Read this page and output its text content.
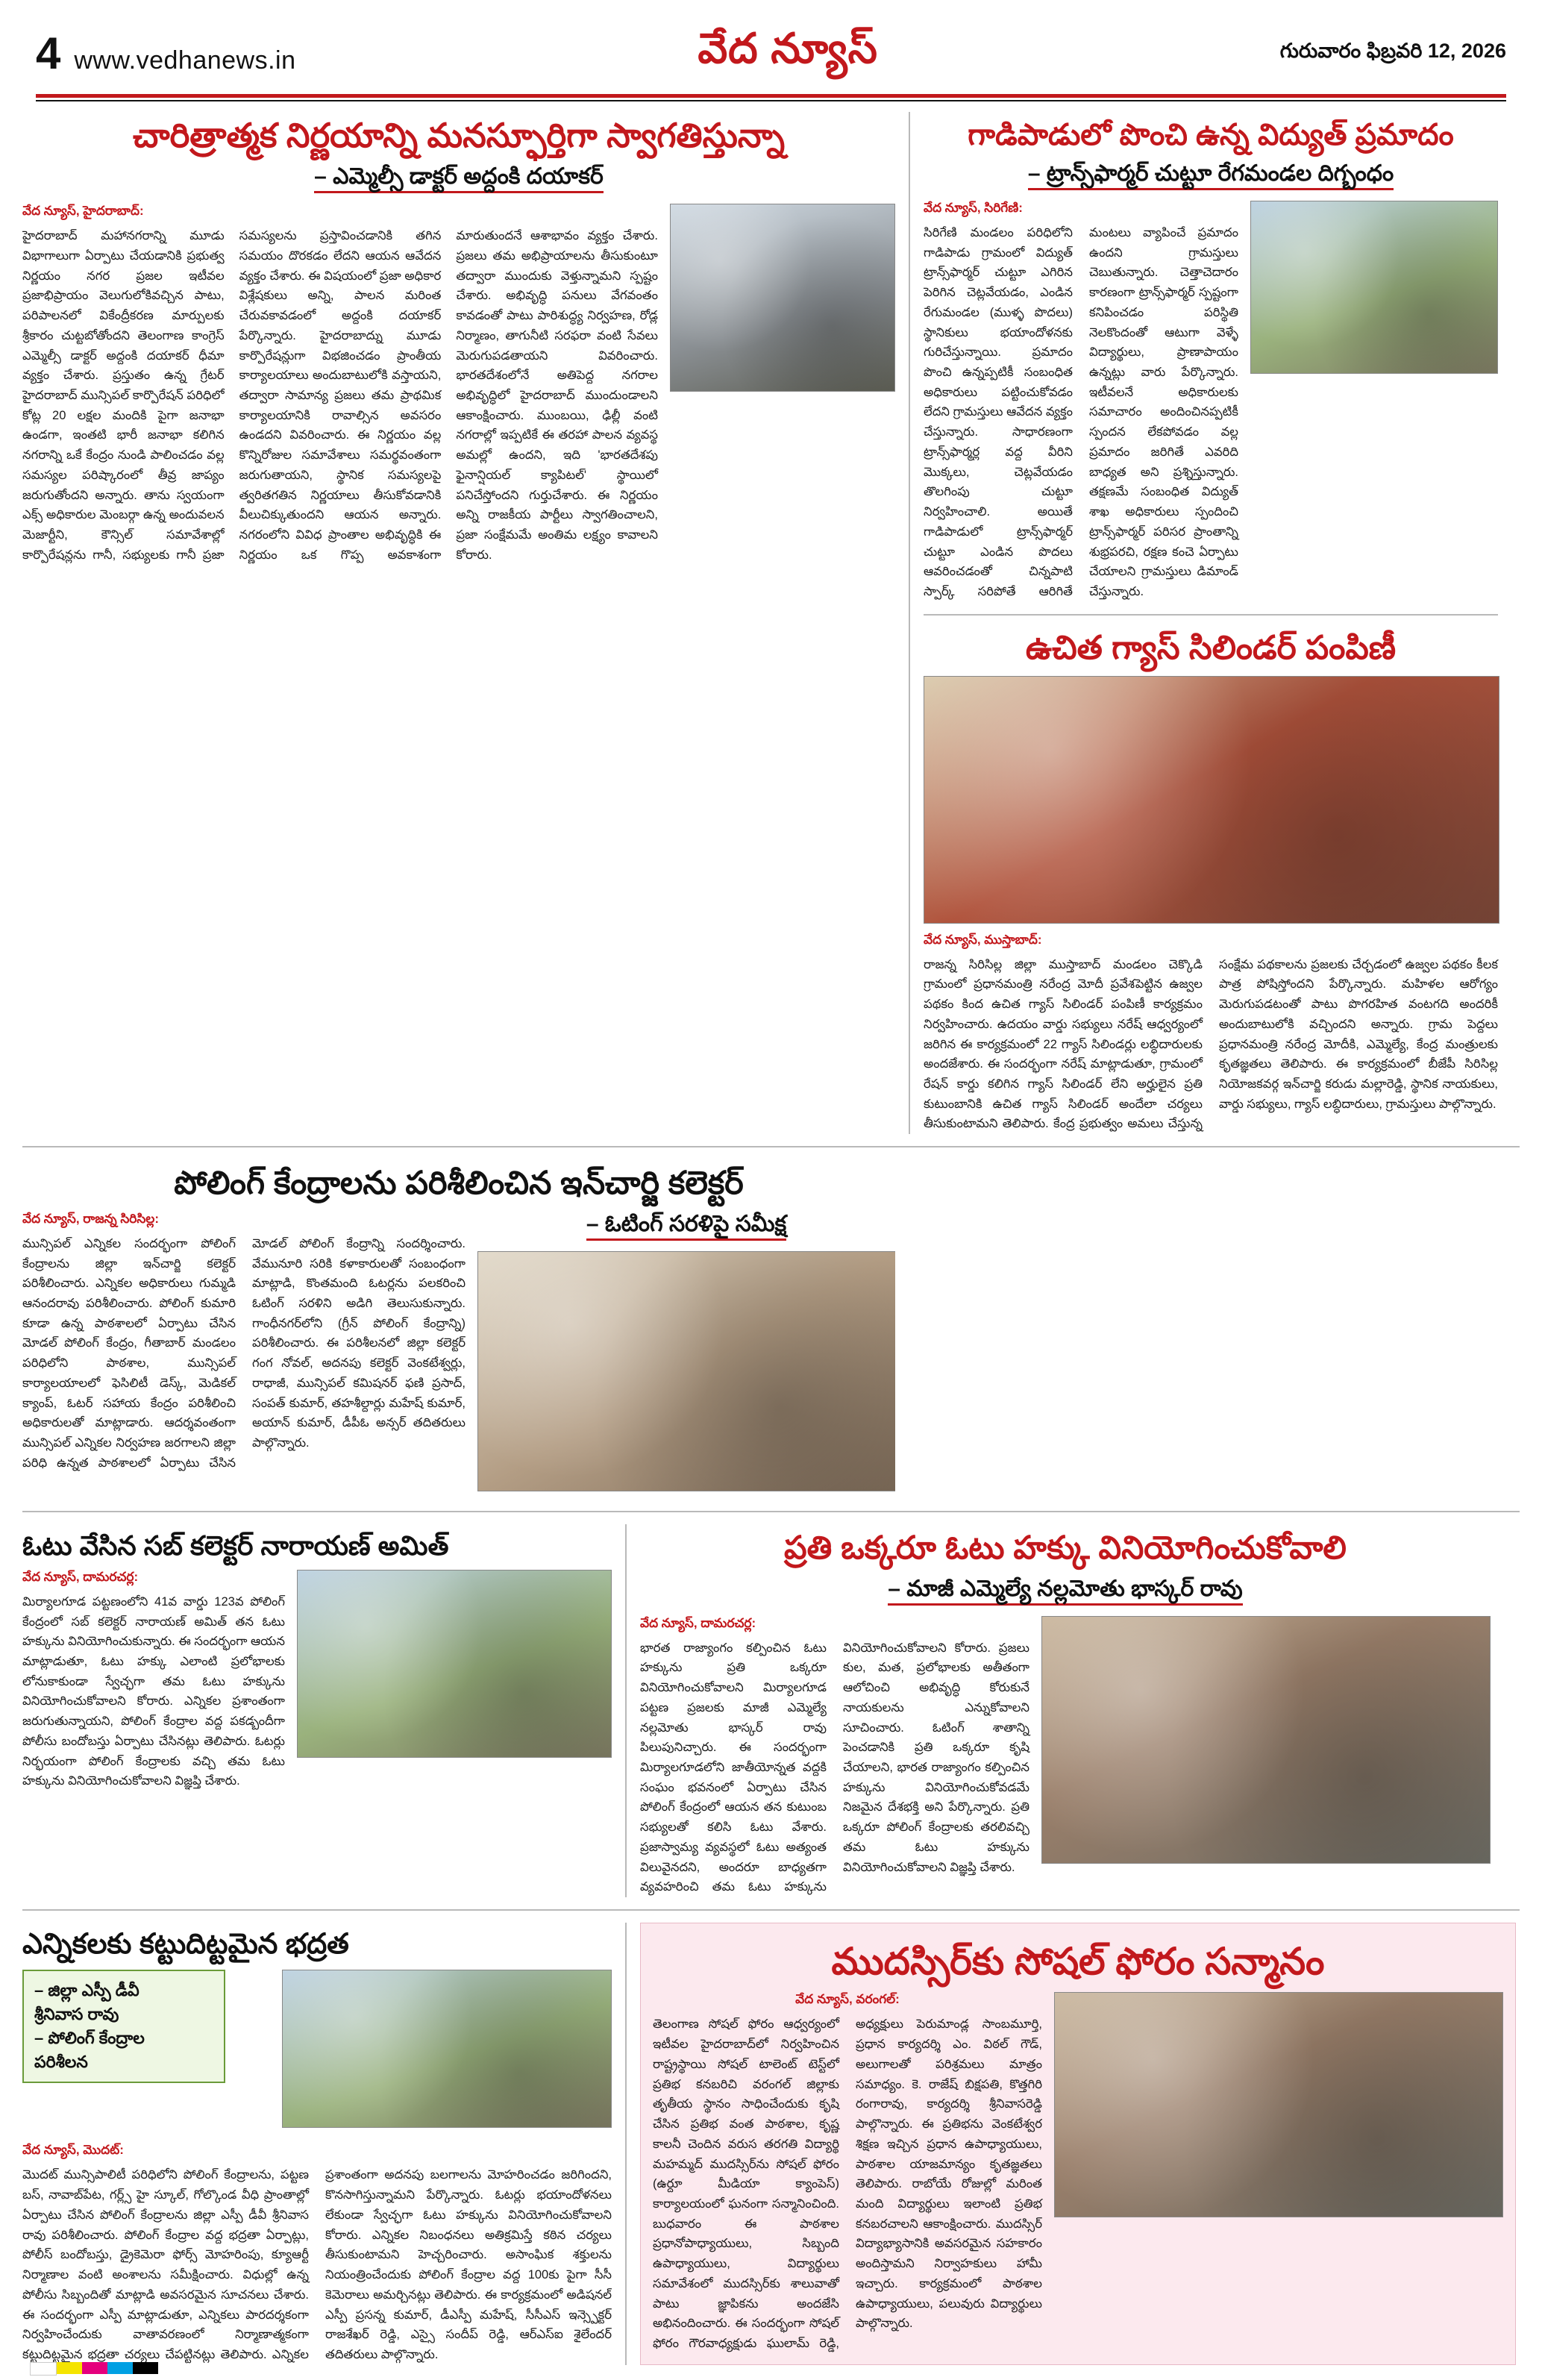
4 www.vedhanews.in	వేద న్యూస్	గురువారం ఫిబ్రవరి 12, 2026
చారిత్రాత్మక నిర్ణయాన్ని మనస్ఫూర్తిగా స్వాగతిస్తున్నా
– ఎమ్మెల్సీ డాక్టర్ అద్దంకి దయాకర్
వేద న్యూస్, హైదరాబాద్:
హైదరాబాద్ మహానగరాన్ని మూడు విభాగాలుగా ఏర్పాటు చేయడానికి ప్రభుత్వ నిర్ణయం నగర ప్రజల ఇటీవల ప్రజాభిప్రాయం వెలుగులోకివచ్చిన పాటు, పరిపాలనలో వికేంద్రీకరణ మార్పులకు శ్రీకారం చుట్టబోతోందని తెలంగాణ కాంగ్రెస్ ఎమ్మెల్సీ డాక్టర్ అద్దంకి దయాకర్ ధీమా వ్యక్తం చేశారు. ప్రస్తుతం ఉన్న గ్రేటర్ హైదరాబాద్ మున్సిపల్ కార్పొరేషన్ పరిధిలో కోట్ల 20 లక్షల మందికి పైగా జనాభా ఉండగా, ఇంతటి భారీ జనాభా కలిగిన నగరాన్ని ఒకే కేంద్రం నుండి పాలించడం వల్ల సమస్యల పరిష్కారంలో తీవ్ర జాప్యం జరుగుతోందని అన్నారు. తాను స్వయంగా ఎక్స్ అధికారుల మెంబర్గా ఉన్న అందువలన మెజార్టీని, కౌన్సిల్ సమావేశాల్లో కార్పొరేషన్లను గానీ, సభ్యులకు గానీ ప్రజా సమస్యలను ప్రస్తావించడానికి తగిన సమయం దొరకడం లేదని ఆయన ఆవేదన వ్యక్తం చేశారు. ఈ విషయంలో ప్రజా అధికార విశ్లేషకులు అన్ని, పాలన మరింత చేరువకావడంలో అద్దంకి దయాకర్ పేర్కొన్నారు. హైదరాబాద్ను మూడు కార్పొరేషన్లుగా విభజించడం ప్రాంతీయ కార్యాలయాలు అందుబాటులోకి వస్తాయని, తద్వారా సామాన్య ప్రజలు తమ ప్రాథమిక కార్యాలయానికి రావాల్సిన అవసరం ఉండదని వివరించారు. ఈ నిర్ణయం వల్ల కొన్నిరోజుల సమావేశాలు సమర్థవంతంగా జరుగుతాయని, స్థానిక సమస్యలపై త్వరితగతిన నిర్ణయాలు తీసుకోవడానికి వీలుచిక్కుతుందని ఆయన అన్నారు. నగరంలోని వివిధ ప్రాంతాల అభివృద్ధికి ఈ నిర్ణయం ఒక గొప్ప అవకాశంగా మారుతుందనే ఆశాభావం వ్యక్తం చేశారు. ప్రజలు తమ అభిప్రాయాలను తీసుకుంటూ తద్వారా ముందుకు వెళ్తున్నామని స్పష్టం చేశారు. అభివృద్ధి పనులు వేగవంతం కావడంతో పాటు పారిశుద్ధ్య నిర్వహణ, రోడ్ల నిర్మాణం, తాగునీటి సరఫరా వంటి సేవలు మెరుగుపడతాయని వివరించారు. భారతదేశంలోనే అతిపెద్ద నగరాల అభివృద్ధిలో హైదరాబాద్ ముందుండాలని ఆకాంక్షించారు. ముంబయి, ఢిల్లీ వంటి నగరాల్లో ఇప్పటికే ఈ తరహా పాలన వ్యవస్థ అమల్లో ఉందని, ఇది 'భారతదేశపు ఫైనాన్షియల్ క్యాపిటల్' స్థాయిలో పనిచేస్తోందని గుర్తుచేశారు. ఈ నిర్ణయం అన్ని రాజకీయ పార్టీలు స్వాగతించాలని, ప్రజా సంక్షేమమే అంతిమ లక్ష్యం కావాలని కోరారు.
గాడిపాడులో పొంచి ఉన్న విద్యుత్ ప్రమాదం
– ట్రాన్స్‌ఫార్మర్ చుట్టూ రేగమండల దిగ్బంధం
వేద న్యూస్, సిరిగేణి:
సిరిగేణి మండలం పరిధిలోని గాడిపాడు గ్రామంలో విద్యుత్ ట్రాన్స్‌ఫార్మర్ చుట్టూ ఎగిరిన పెరిగిన చెట్లవేయడం, ఎండిన రేగుమండల (ముళ్ళ పొదలు) స్థానికులు భయాందోళనకు గురిచేస్తున్నాయి. ప్రమాదం పొంచి ఉన్నప్పటికీ సంబంధిత అధికారులు పట్టించుకోవడం లేదని గ్రామస్తులు ఆవేదన వ్యక్తం చేస్తున్నారు. సాధారణంగా ట్రాన్స్‌ఫార్మర్ల వద్ద వీరిని మెుక్కలు, చెట్లవేయడం తొలగింపు చుట్టూ నిర్వహించాలి. అయితే గాడిపాడులో ట్రాన్స్‌ఫార్మర్ చుట్టూ ఎండిన పొదలు ఆవరించడంతో చిన్నపాటి స్పార్క్ సరిపోతే ఆరిగితే మంటలు వ్యాపించే ప్రమాదం ఉందని గ్రామస్తులు చెబుతున్నారు. చెత్తాచెదారం కారణంగా ట్రాన్స్‌ఫార్మర్ స్పష్టంగా కనిపించడం పరిస్థితి నెలకొందంతో ఆటుగా వెళ్ళే విద్యార్థులు, ప్రాణాపాయం ఉన్నట్లు వారు పేర్కొన్నారు. ఇటీవలనే అధికారులకు సమాచారం అందించినప్పటికీ స్పందన లేకపోవడం వల్ల ప్రమాదం జరిగితే ఎవరిది బాధ్యత అని ప్రశ్నిస్తున్నారు. తక్షణమే సంబంధిత విద్యుత్ శాఖ అధికారులు స్పందించి ట్రాన్స్‌ఫార్మర్ పరిసర ప్రాంతాన్ని శుభ్రపరచి, రక్షణ కంచె ఏర్పాటు చేయాలని గ్రామస్తులు డిమాండ్ చేస్తున్నారు.
ఉచిత గ్యాస్ సిలిండర్ పంపిణీ
వేద న్యూస్, ముస్తాబాద్:
రాజన్న సిరిసిల్ల జిల్లా ముస్తాబాద్ మండలం చెక్కొడి గ్రామంలో ప్రధానమంత్రి నరేంద్ర మోదీ ప్రవేశపెట్టిన ఉజ్వల పథకం కింద ఉచిత గ్యాస్ సిలిండర్ పంపిణీ కార్యక్రమం నిర్వహించారు. ఉదయం వార్డు సభ్యులు నరేష్ ఆధ్వర్యంలో జరిగిన ఈ కార్యక్రమంలో 22 గ్యాస్ సిలిండర్లు లబ్ధిదారులకు అందజేశారు. ఈ సందర్భంగా నరేష్ మాట్లాడుతూ, గ్రామంలో రేషన్ కార్డు కలిగిన గ్యాస్ సిలిండర్ లేని అర్హులైన ప్రతి కుటుంబానికి ఉచిత గ్యాస్ సిలిండర్ అందేలా చర్యలు తీసుకుంటామని తెలిపారు. కేంద్ర ప్రభుత్వం అమలు చేస్తున్న సంక్షేమ పథకాలను ప్రజలకు చేర్చడంలో ఉజ్వల పథకం కీలక పాత్ర పోషిస్తోందని పేర్కొన్నారు. మహిళల ఆరోగ్యం మెరుగుపడటంతో పాటు పొగరహిత వంటగది అందరికీ అందుబాటులోకి వచ్చిందని అన్నారు. గ్రామ పెద్దలు ప్రధానమంత్రి నరేంద్ర మోదీకి, ఎమ్మెల్యే, కేంద్ర మంత్రులకు కృతజ్ఞతలు తెలిపారు. ఈ కార్యక్రమంలో బీజేపీ సిరిసిల్ల నియోజకవర్గ ఇన్‌చార్జి కరుడు మల్లారెడ్డి, స్థానిక నాయకులు, వార్డు సభ్యులు, గ్యాస్ లబ్ధిదారులు, గ్రామస్తులు పాల్గొన్నారు.
పోలింగ్ కేంద్రాలను పరిశీలించిన ఇన్‌చార్జి కలెక్టర్
– ఓటింగ్ సరళిపై సమీక్ష
వేద న్యూస్, రాజన్న సిరిసిల్ల:
మున్సిపల్ ఎన్నికల సందర్భంగా పోలింగ్ కేంద్రాలను జిల్లా ఇన్‌చార్జి కలెక్టర్ పరిశీలించారు. ఎన్నికల అధికారులు గుమ్మడి ఆనందరావు పరిశీలించారు. పోలింగ్ కుమారి కూడా ఉన్న పాఠశాలలో ఏర్పాటు చేసిన మోడల్ పోలింగ్ కేంద్రం, గీతాబార్ మండలం పరిధిలోని పాఠశాల, మున్సిపల్ కార్యాలయాలలో ఫెసిలిటీ డెస్క్, మెడికల్ క్యాంప్, ఓటర్ సహాయ కేంద్రం పరిశీలించి అధికారులతో మాట్లాడారు. ఆదర్శవంతంగా మున్సిపల్ ఎన్నికల నిర్వహణ జరగాలని జిల్లా పరిధి ఉన్నత పాఠశాలలో ఏర్పాటు చేసిన మోడల్ పోలింగ్ కేంద్రాన్ని సందర్శించారు. వేమునూరి సరికి కళాకారులతో సంబంధంగా మాట్లాడి, కొంతమంది ఓటర్లను పలకరించి ఓటింగ్ సరళిని అడిగి తెలుసుకున్నారు. గాంధీనగర్‌లోని (గ్రీన్ పోలింగ్ కేంద్రాన్ని) పరిశీలించారు. ఈ పరిశీలనలో జిల్లా కలెక్టర్ గంగ నోవల్, అదనపు కలెక్టర్ వెంకటేశ్వర్లు, రాధాజీ, మున్సిపల్ కమిషనర్ ఫణి ప్రసాద్, సంపత్ కుమార్, తహశీల్దార్లు మహేష్ కుమార్, అయాన్ కుమార్, డీపీఓ అన్సర్ తదితరులు పాల్గొన్నారు.
ఓటు వేసిన సబ్ కలెక్టర్ నారాయణ్ అమిత్
వేద న్యూస్, దామరచర్ల:
మిర్యాలగూడ పట్టణంలోని 41వ వార్డు 123వ పోలింగ్ కేంద్రంలో సబ్ కలెక్టర్ నారాయణ్ అమిత్ తన ఓటు హక్కును వినియోగించుకున్నారు. ఈ సందర్భంగా ఆయన మాట్లాడుతూ, ఓటు హక్కు ఎలాంటి ప్రలోభాలకు లోనుకాకుండా స్వేచ్ఛగా తమ ఓటు హక్కును వినియోగించుకోవాలని కోరారు. ఎన్నికల ప్రశాంతంగా జరుగుతున్నాయని, పోలింగ్ కేంద్రాల వద్ద పకడ్బందీగా పోలీసు బందోబస్తు ఏర్పాటు చేసినట్లు తెలిపారు. ఓటర్లు నిర్భయంగా పోలింగ్ కేంద్రాలకు వచ్చి తమ ఓటు హక్కును వినియోగించుకోవాలని విజ్ఞప్తి చేశారు.
ప్రతి ఒక్కరూ ఓటు హక్కు వినియోగించుకోవాలి
– మాజీ ఎమ్మెల్యే నల్లమోతు భాస్కర్ రావు
వేద న్యూస్, దామరచర్ల:
భారత రాజ్యాంగం కల్పించిన ఓటు హక్కును ప్రతి ఒక్కరూ వినియోగించుకోవాలని మిర్యాలగూడ పట్టణ ప్రజలకు మాజీ ఎమ్మెల్యే నల్లమోతు భాస్కర్ రావు పిలుపునిచ్చారు. ఈ సందర్భంగా మిర్యాలగూడలోని జాతీయోన్నత వద్దకి సంఘం భవనంలో ఏర్పాటు చేసిన పోలింగ్ కేంద్రంలో ఆయన తన కుటుంబ సభ్యులతో కలిసి ఓటు వేశారు. ప్రజాస్వామ్య వ్యవస్థలో ఓటు అత్యంత విలువైనదని, అందరూ బాధ్యతగా వ్యవహరించి తమ ఓటు హక్కును వినియోగించుకోవాలని కోరారు. ప్రజలు కుల, మత, ప్రలోభాలకు అతీతంగా ఆలోచించి అభివృద్ధి కోరుకునే నాయకులను ఎన్నుకోవాలని సూచించారు. ఓటింగ్ శాతాన్ని పెంచడానికి ప్రతి ఒక్కరూ కృషి చేయాలని, భారత రాజ్యాంగం కల్పించిన హక్కును వినియోగించుకోవడమే నిజమైన దేశభక్తి అని పేర్కొన్నారు. ప్రతి ఒక్కరూ పోలింగ్ కేంద్రాలకు తరలివచ్చి తమ ఓటు హక్కును వినియోగించుకోవాలని విజ్ఞప్తి చేశారు.
ఎన్నికలకు కట్టుదిట్టమైన భద్రత
– జిల్లా ఎస్పీ డీవీ
శ్రీనివాస రావు
– పోలింగ్ కేంద్రాల
పరిశీలన
వేద న్యూస్, మెుదట్:
మెుదట్ మున్సిపాలిటీ పరిధిలోని పోలింగ్ కేంద్రాలను, పట్టణ బస్, నావాబ్‌పేట, గర్ల్స్ హై స్కూల్, గోల్కొండ వీధి ప్రాంతాల్లో ఏర్పాటు చేసిన పోలింగ్ కేంద్రాలను జిల్లా ఎస్పీ డీవీ శ్రీనివాస రావు పరిశీలించారు. పోలింగ్ కేంద్రాల వద్ద భద్రతా ఏర్పాట్లు, పోలీస్ బందోబస్తు, డ్రైకెమెరా ఫోర్స్ మోహరింపు, క్యూఆర్టీ నిర్మాణాల వంటి అంశాలను సమీక్షించారు. విధుల్లో ఉన్న పోలీసు సిబ్బందితో మాట్లాడి అవసరమైన సూచనలు చేశారు. ఈ సందర్భంగా ఎస్పీ మాట్లాడుతూ, ఎన్నికలు పారదర్శకంగా నిర్వహించేందుకు వాతావరణంలో నిర్మాణాత్మకంగా కట్టుదిట్టమైన భద్రతా చర్యలు చేపట్టినట్లు తెలిపారు. ఎన్నికల ప్రశాంతంగా అదనపు బలగాలను మోహరించడం జరిగిందని, కొనసాగిస్తున్నామని పేర్కొన్నారు. ఓటర్లు భయాందోళనలు లేకుండా స్వేచ్ఛగా ఓటు హక్కును వినియోగించుకోవాలని కోరారు. ఎన్నికల నిబంధనలు అతిక్రమిస్తే కఠిన చర్యలు తీసుకుంటామని హెచ్చరించారు. అసాంఘిక శక్తులను నియంత్రించేందుకు పోలింగ్ కేంద్రాల వద్ద 100కు పైగా సీసీ కెమెరాలు అమర్చినట్లు తెలిపారు. ఈ కార్యక్రమంలో అడిషనల్ ఎస్పీ ప్రసన్న కుమార్, డీఎస్పీ మహేష్, సీసీఎస్ ఇన్స్పెక్టర్ రాజశేఖర్ రెడ్డి, ఎస్సై సందీప్ రెడ్డి, ఆర్ఎస్ఐ శైలేందర్ తదితరులు పాల్గొన్నారు.
ముదస్సిర్‌కు సోషల్ ఫోరం సన్మానం
వేద న్యూస్, వరంగల్:
తెలంగాణ సోషల్ ఫోరం ఆధ్వర్యంలో ఇటీవల హైదరాబాద్‌లో నిర్వహించిన రాష్ట్రస్థాయి సోషల్ టాలెంట్ టెస్ట్‌లో ప్రతిభ కనబరిచి వరంగల్ జిల్లాకు తృతీయ స్థానం సాధించేందుకు కృషి చేసిన ప్రతిభ వంత పాఠశాల, కృష్ణ కాలనీ చెందిన వరుస తరగతి విద్యార్థి మహమ్మద్ ముదస్సిర్‌ను సోషల్ ఫోరం (ఉర్దూ మీడియా క్యాంపెస్) కార్యాలయంలో ఘనంగా సన్మానించింది. బుధవారం ఈ పాఠశాల ప్రధానోపాధ్యాయులు, సిబ్బంది ఉపాధ్యాయులు, విద్యార్థులు సమావేశంలో ముదస్సిర్‌కు శాలువాతో పాటు జ్ఞాపికను అందజేసి అభినందించారు. ఈ సందర్భంగా సోషల్ ఫోరం గౌరవాధ్యక్షుడు ఘులామ్ రెడ్డి, అధ్యక్షులు పెరుమాండ్ల సాంబమూర్తి, ప్రధాన కార్యదర్శి ఎం. విఠల్ గౌడ్, అలుగాలతో పరిశ్రమలు మాత్రం సమాధ్యం. కె. రాజేష్ బిక్షపతి, కొత్తగిరి రంగారావు, కార్యదర్శి శ్రీనివాసరెడ్డి పాల్గొన్నారు. ఈ ప్రతిభను వెంకటేశ్వర శిక్షణ ఇచ్చిన ప్రధాన ఉపాధ్యాయులు, పాఠశాల యాజమాన్యం కృతజ్ఞతలు తెలిపారు. రాబోయే రోజుల్లో మరింత మంది విద్యార్థులు ఇలాంటి ప్రతిభ కనబరచాలని ఆకాంక్షించారు. ముదస్సిర్ విద్యాభ్యాసానికి అవసరమైన సహకారం అందిస్తామని నిర్వాహకులు హామీ ఇచ్చారు. కార్యక్రమంలో పాఠశాల ఉపాధ్యాయులు, పలువురు విద్యార్థులు పాల్గొన్నారు.
